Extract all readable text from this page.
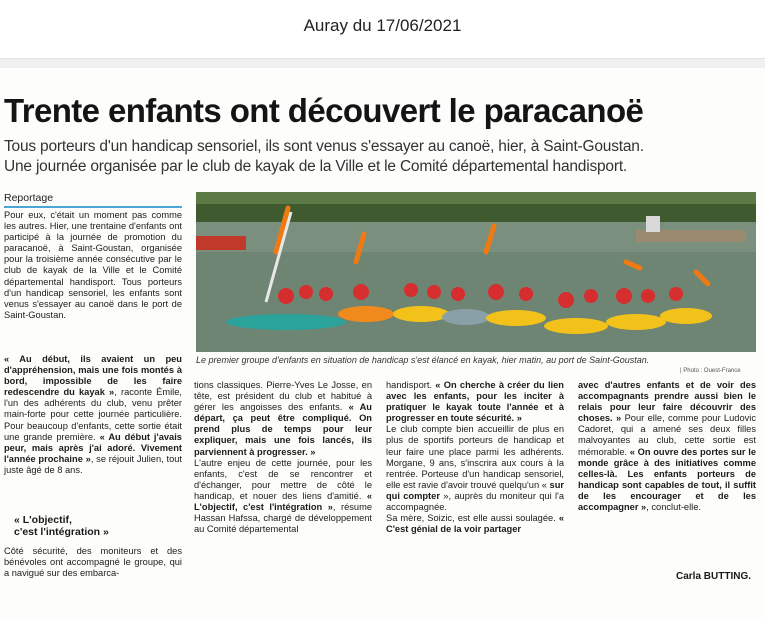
Auray du 17/06/2021
Trente enfants ont découvert le paracanoë
Tous porteurs d'un handicap sensoriel, ils sont venus s'essayer au canoë, hier, à Saint-Goustan.
Une journée organisée par le club de kayak de la Ville et le Comité départemental handisport.
Reportage
Pour eux, c'était un moment pas comme les autres. Hier, une trentaine d'enfants ont participé à la journée de promotion du paracanoë, à Saint-Goustan, organisée pour la troisième année consécutive par le club de kayak de la Ville et le Comité départemental handisport. Tous porteurs d'un handicap sensoriel, les enfants sont venus s'essayer au canoë dans le port de Saint-Goustan.
« Au début, ils avaient un peu d'appréhension, mais une fois montés à bord, impossible de les faire redescendre du kayak », raconte Émile, l'un des adhérents du club, venu prêter main-forte pour cette journée particulière. Pour beaucoup d'enfants, cette sortie était une grande première. « Au début j'avais peur, mais après j'ai adoré. Vivement l'année prochaine », se réjouit Julien, tout juste âgé de 8 ans.
« L'objectif,
c'est l'intégration »
Côté sécurité, des moniteurs et des bénévoles ont accompagné le groupe, qui a navigué sur des embarca-
tions classiques. Pierre-Yves Le Josse, en tête, est président du club et habitué à gérer les angoisses des enfants. « Au départ, ça peut être compliqué. On prend plus de temps pour leur expliquer, mais une fois lancés, ils parviennent à progresser. »
L'autre enjeu de cette journée, pour les enfants, c'est de se rencontrer et d'échanger, pour mettre de côté le handicap, et nouer des liens d'amitié. « L'objectif, c'est l'intégration », résume Hassan Hafssa, chargé de développement au Comité départemental
handisport. « On cherche à créer du lien avec les enfants, pour les inciter à pratiquer le kayak toute l'année et à progresser en toute sécurité. »
Le club compte bien accueillir de plus en plus de sportifs porteurs de handicap et leur faire une place parmi les adhérents. Morgane, 9 ans, s'inscrira aux cours à la rentrée. Porteuse d'un handicap sensoriel, elle est ravie d'avoir trouvé quelqu'un « sur qui compter », auprès du moniteur qui l'a accompagnée.
Sa mère, Soizic, est elle aussi soulagée. « C'est génial de la voir partager
avec d'autres enfants et de voir des accompagnants prendre aussi bien le relais pour leur faire découvrir des choses. » Pour elle, comme pour Ludovic Cadoret, qui a amené ses deux filles malvoyantes au club, cette sortie est mémorable. « On ouvre des portes sur le monde grâce à des initiatives comme celles-là. Les enfants porteurs de handicap sont capables de tout, il suffit de les encourager et de les accompagner », conclut-elle.
Le premier groupe d'enfants en situation de handicap s'est élancé en kayak, hier matin, au port de Saint-Goustan.
| Photo : Ouest-France
Carla BUTTING.
